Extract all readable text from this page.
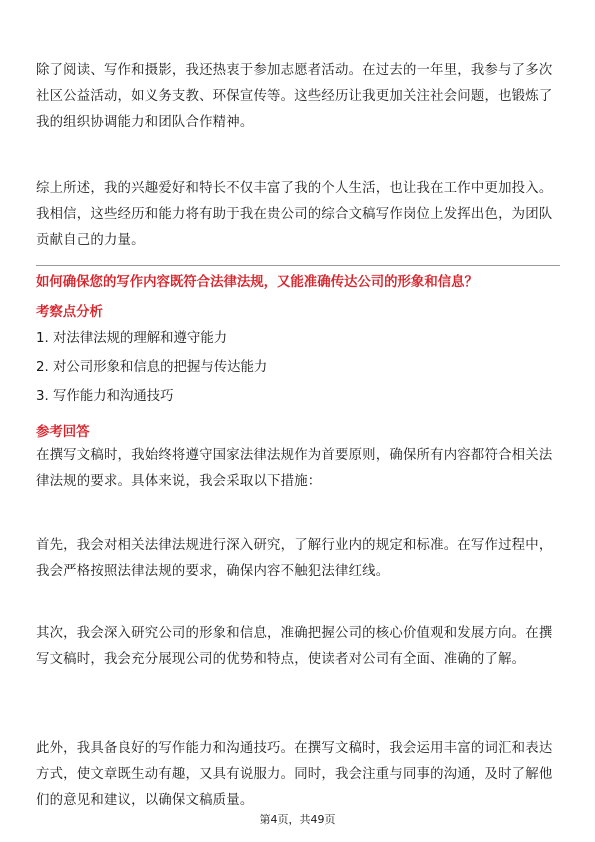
除了阅读、写作和摄影，我还热衷于参加志愿者活动。在过去的一年里，我参与了多次社区公益活动，如义务支教、环保宣传等。这些经历让我更加关注社会问题，也锻炼了我的组织协调能力和团队合作精神。

综上所述，我的兴趣爱好和特长不仅丰富了我的个人生活，也让我在工作中更加投入。我相信，这些经历和能力将有助于我在贵公司的综合文稿写作岗位上发挥出色，为团队贡献自己的力量。

如何确保您的写作内容既符合法律法规，又能准确传达公司的形象和信息？

考察点分析

1. 对法律法规的理解和遵守能力

2. 对公司形象和信息的把握与传达能力

3. 写作能力和沟通技巧

参考回答

在撰写文稿时，我始终将遵守国家法律法规作为首要原则，确保所有内容都符合相关法律法规的要求。具体来说，我会采取以下措施：

首先，我会对相关法律法规进行深入研究，了解行业内的规定和标准。在写作过程中，我会严格按照法律法规的要求，确保内容不触犯法律红线。

其次，我会深入研究公司的形象和信息，准确把握公司的核心价值观和发展方向。在撰写文稿时，我会充分展现公司的优势和特点，使读者对公司有全面、准确的了解。

此外，我具备良好的写作能力和沟通技巧。在撰写文稿时，我会运用丰富的词汇和表达方式，使文章既生动有趣，又具有说服力。同时，我会注重与同事的沟通，及时了解他们的意见和建议，以确保文稿质量。

第4页，共49页
